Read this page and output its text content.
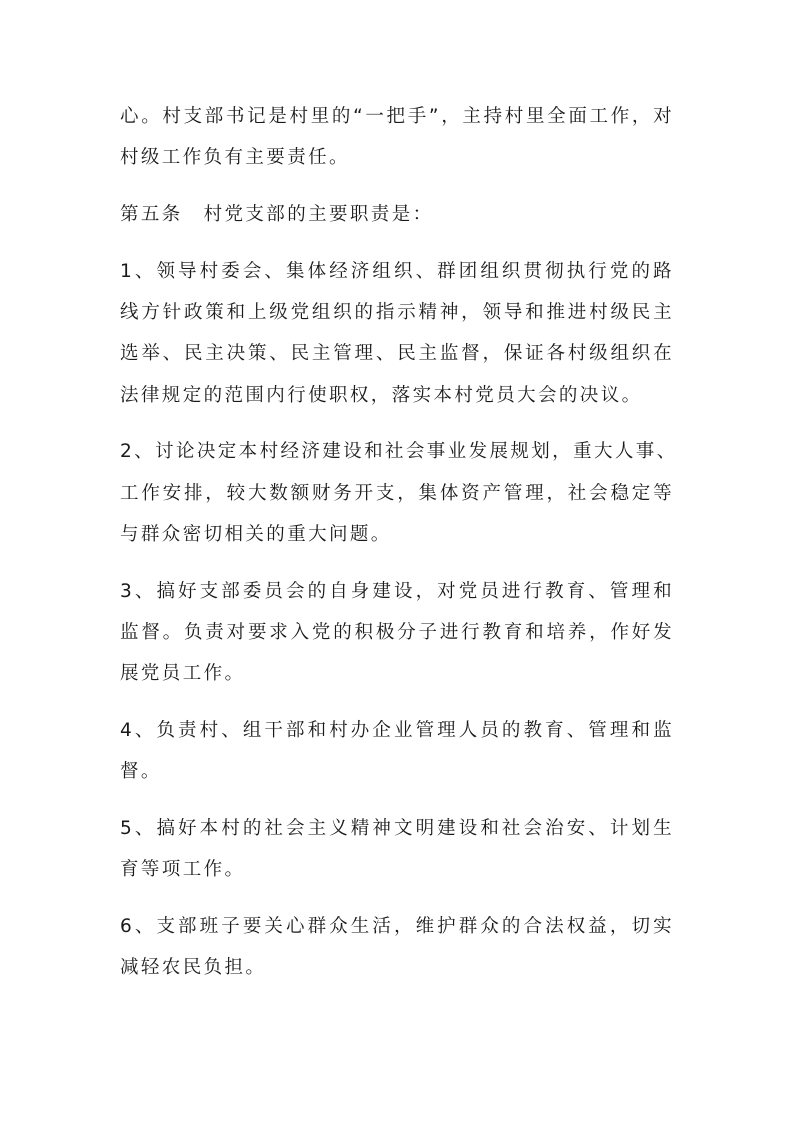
心。村支部书记是村里的“一把手”，主持村里全面工作，对
村级工作负有主要责任。
第五条　村党支部的主要职责是：
1、领导村委会、集体经济组织、群团组织贯彻执行党的路
线方针政策和上级党组织的指示精神，领导和推进村级民主
选举、民主决策、民主管理、民主监督，保证各村级组织在
法律规定的范围内行使职权，落实本村党员大会的决议。
2、讨论决定本村经济建设和社会事业发展规划，重大人事、
工作安排，较大数额财务开支，集体资产管理，社会稳定等
与群众密切相关的重大问题。
3、搞好支部委员会的自身建设，对党员进行教育、管理和
监督。负责对要求入党的积极分子进行教育和培养，作好发
展党员工作。
4、负责村、组干部和村办企业管理人员的教育、管理和监
督。
5、搞好本村的社会主义精神文明建设和社会治安、计划生
育等项工作。
6、支部班子要关心群众生活，维护群众的合法权益，切实
减轻农民负担。
